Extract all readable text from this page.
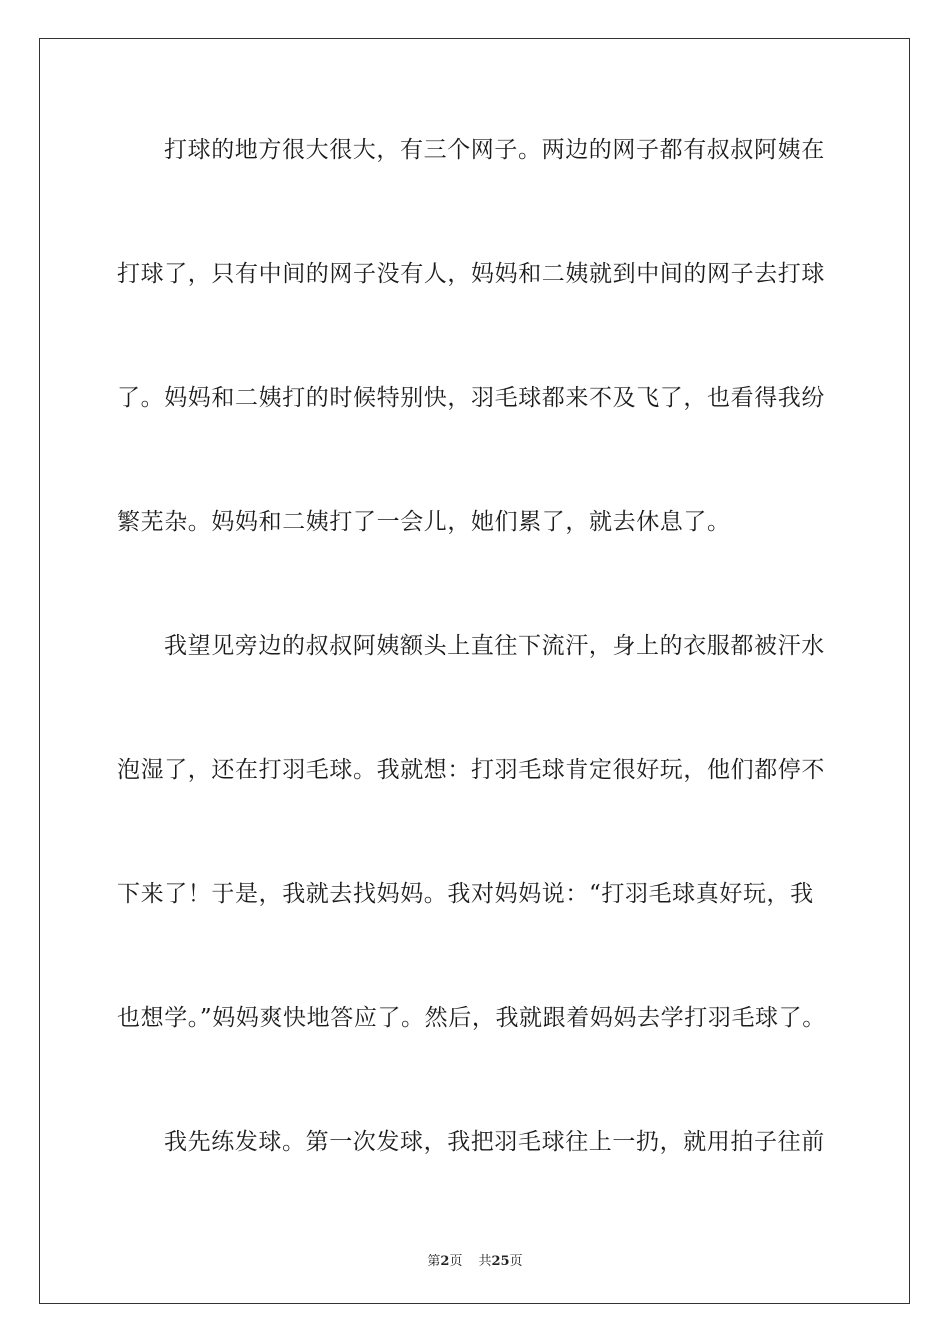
打球的地方很大很大，有三个网子。两边的网子都有叔叔阿姨在
打球了，只有中间的网子没有人，妈妈和二姨就到中间的网子去打球
了。妈妈和二姨打的时候特别快，羽毛球都来不及飞了，也看得我纷
繁芜杂。妈妈和二姨打了一会儿，她们累了，就去休息了。
我望见旁边的叔叔阿姨额头上直往下流汗，身上的衣服都被汗水
泡湿了，还在打羽毛球。我就想：打羽毛球肯定很好玩，他们都停不
下来了！于是，我就去找妈妈。我对妈妈说：“打羽毛球真好玩，我
也想学。”妈妈爽快地答应了。然后，我就跟着妈妈去学打羽毛球了。
我先练发球。第一次发球，我把羽毛球往上一扔，就用拍子往前
第2页 共25页
